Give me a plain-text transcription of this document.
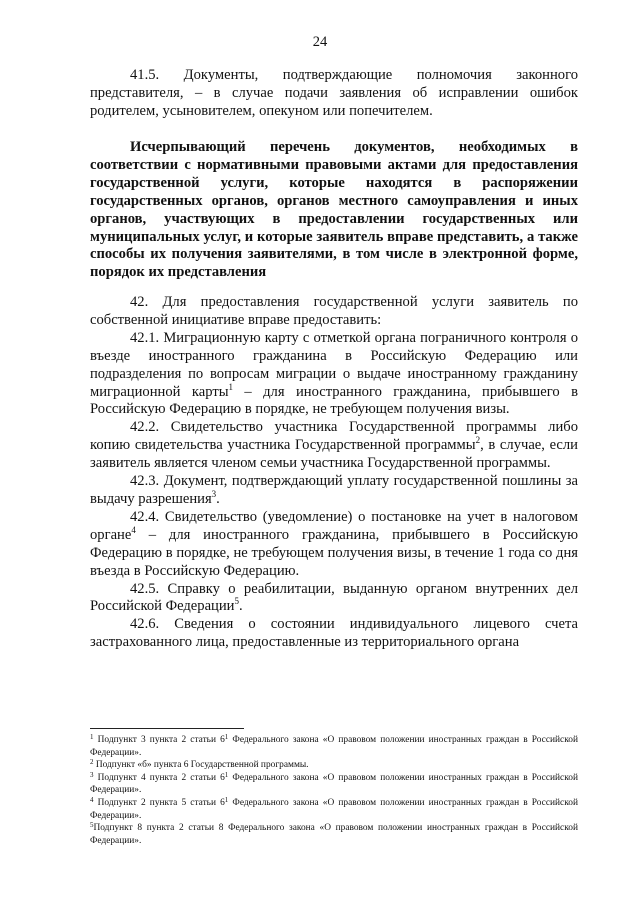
24

41.5. Документы, подтверждающие полномочия законного представителя, – в случае подачи заявления об исправлении ошибок родителем, усыновителем, опекуном или попечителем.

Исчерпывающий перечень документов, необходимых в соответствии с нормативными правовыми актами для предоставления государственной услуги, которые находятся в распоряжении государственных органов, органов местного самоуправления и иных органов, участвующих в предоставлении государственных или муниципальных услуг, и которые заявитель вправе представить, а также способы их получения заявителями, в том числе в электронной форме, порядок их представления

42. Для предоставления государственной услуги заявитель по собственной инициативе вправе предоставить:

42.1. Миграционную карту с отметкой органа пограничного контроля о въезде иностранного гражданина в Российскую Федерацию или подразделения по вопросам миграции о выдаче иностранному гражданину миграционной карты$^1$ – для иностранного гражданина, прибывшего в Российскую Федерацию в порядке, не требующем получения визы.

42.2. Свидетельство участника Государственной программы либо копию свидетельства участника Государственной программы$^2$, в случае, если заявитель является членом семьи участника Государственной программы.

42.3. Документ, подтверждающий уплату государственной пошлины за выдачу разрешения$^3$.

42.4. Свидетельство (уведомление) о постановке на учет в налоговом органе$^4$ – для иностранного гражданина, прибывшего в Российскую Федерацию в порядке, не требующем получения визы, в течение 1 года со дня въезда в Российскую Федерацию.

42.5. Справку о реабилитации, выданную органом внутренних дел Российской Федерации$^5$.

42.6. Сведения о состоянии индивидуального лицевого счета застрахованного лица, предоставленные из территориального органа

$^1$ Подпункт 3 пункта 2 статьи 6$^1$ Федерального закона «О правовом положении иностранных граждан в Российской Федерации».

$^2$ Подпункт «б» пункта 6 Государственной программы.

$^3$ Подпункт 4 пункта 2 статьи 6$^1$ Федерального закона «О правовом положении иностранных граждан в Российской Федерации».

$^4$ Подпункт 2 пункта 5 статьи 6$^1$ Федерального закона «О правовом положении иностранных граждан в Российской Федерации».

$^5$Подпункт 8 пункта 2 статьи 8 Федерального закона «О правовом положении иностранных граждан в Российской Федерации».
